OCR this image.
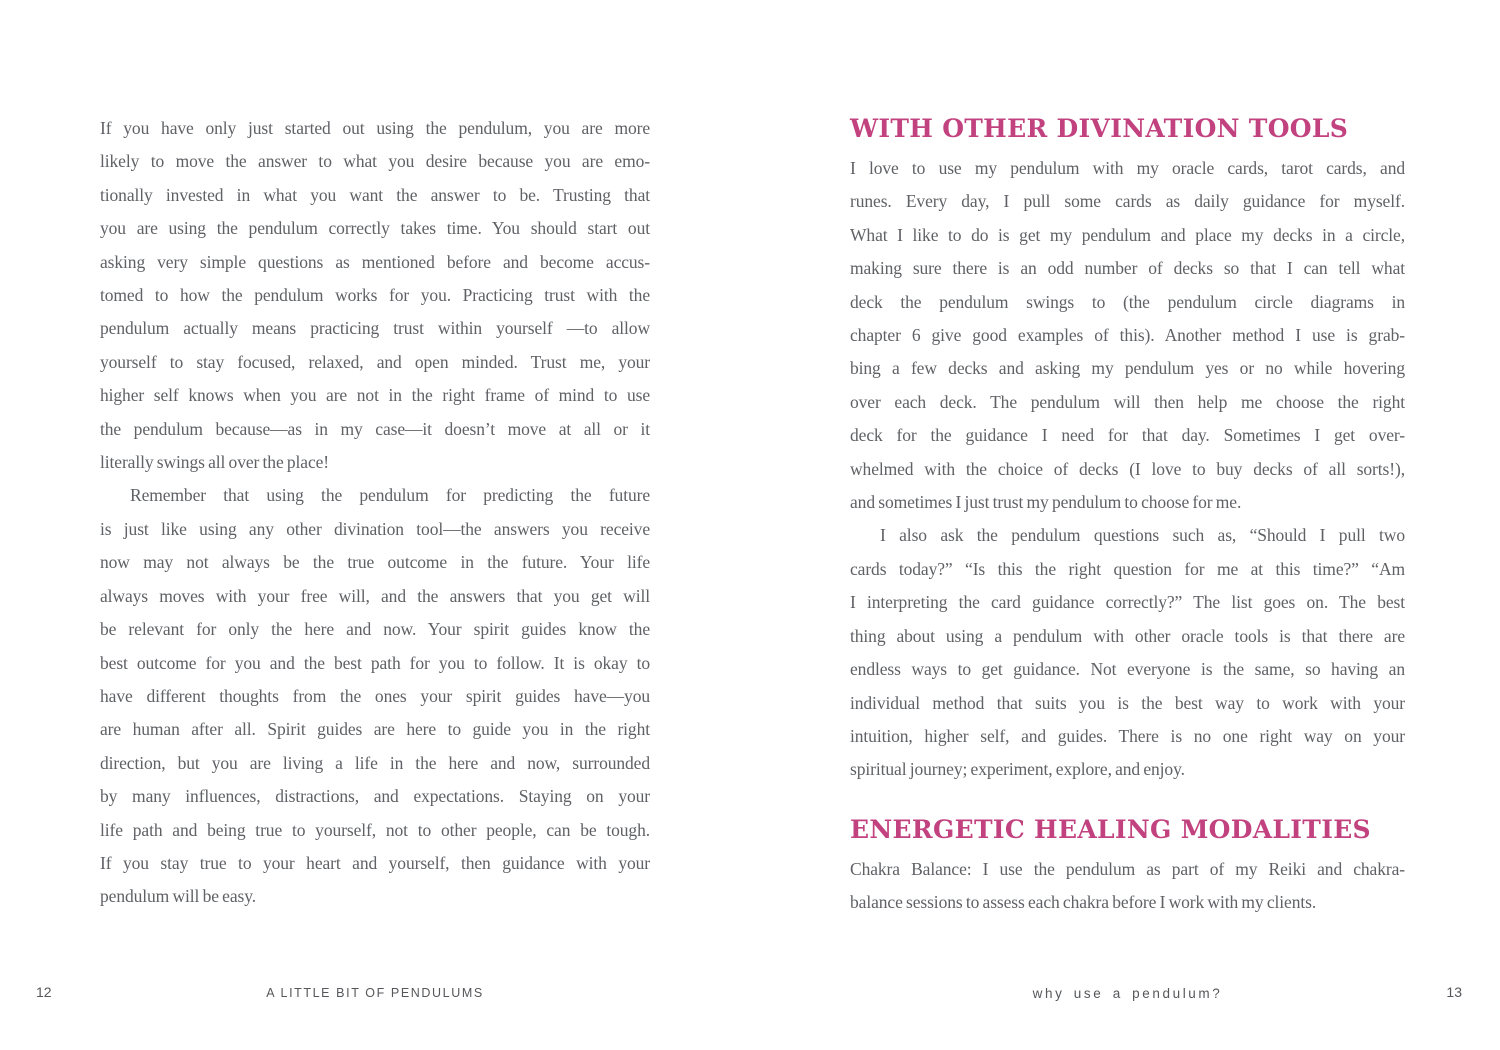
If you have only just started out using the pendulum, you are more
likely to move the answer to what you desire because you are emo-
tionally invested in what you want the answer to be. Trusting that
you are using the pendulum correctly takes time. You should start out
asking very simple questions as mentioned before and become accus-
tomed to how the pendulum works for you. Practicing trust with the
pendulum actually means practicing trust within yourself —to allow
yourself to stay focused, relaxed, and open minded. Trust me, your
higher self knows when you are not in the right frame of mind to use
the pendulum because—as in my case—it doesn’t move at all or it
literally swings all over the place!
Remember that using the pendulum for predicting the future
is just like using any other divination tool—the answers you receive
now may not always be the true outcome in the future. Your life
always moves with your free will, and the answers that you get will
be relevant for only the here and now. Your spirit guides know the
best outcome for you and the best path for you to follow. It is okay to
have different thoughts from the ones your spirit guides have—you
are human after all. Spirit guides are here to guide you in the right
direction, but you are living a life in the here and now, surrounded
by many influences, distractions, and expectations. Staying on your
life path and being true to yourself, not to other people, can be tough.
If you stay true to your heart and yourself, then guidance with your
pendulum will be easy.
12	A LITTLE BIT OF PENDULUMS
WITH OTHER DIVINATION TOOLS
I love to use my pendulum with my oracle cards, tarot cards, and
runes. Every day, I pull some cards as daily guidance for myself.
What I like to do is get my pendulum and place my decks in a circle,
making sure there is an odd number of decks so that I can tell what
deck the pendulum swings to (the pendulum circle diagrams in
chapter 6 give good examples of this). Another method I use is grab-
bing a few decks and asking my pendulum yes or no while hovering
over each deck. The pendulum will then help me choose the right
deck for the guidance I need for that day. Sometimes I get over-
whelmed with the choice of decks (I love to buy decks of all sorts!),
and sometimes I just trust my pendulum to choose for me.
I also ask the pendulum questions such as, “Should I pull two
cards today?” “Is this the right question for me at this time?” “Am
I interpreting the card guidance correctly?” The list goes on. The best
thing about using a pendulum with other oracle tools is that there are
endless ways to get guidance. Not everyone is the same, so having an
individual method that suits you is the best way to work with your
intuition, higher self, and guides. There is no one right way on your
spiritual journey; experiment, explore, and enjoy.
ENERGETIC HEALING MODALITIES
Chakra Balance: I use the pendulum as part of my Reiki and chakra-
balance sessions to assess each chakra before I work with my clients.
why use a pendulum?	13
